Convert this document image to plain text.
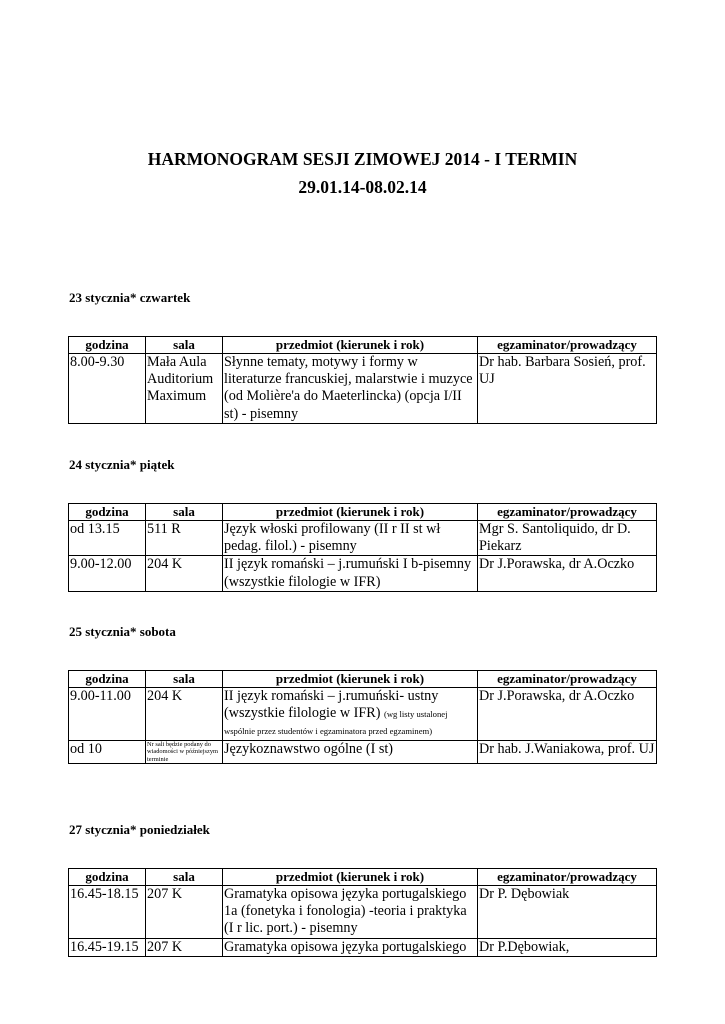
HARMONOGRAM SESJI ZIMOWEJ 2014 - I TERMIN
29.01.14-08.02.14
23 stycznia* czwartek
godzina	sala	przedmiot (kierunek i rok)	egzaminator/prowadzący
8.00-9.30	Mała Aula Auditorium Maximum	Słynne tematy, motywy i formy w literaturze francuskiej, malarstwie i muzyce (od Molière'a do Maeterlincka) (opcja I/II st) - pisemny	Dr hab. Barbara Sosień, prof. UJ
24 stycznia* piątek
godzina	sala	przedmiot (kierunek i rok)	egzaminator/prowadzący
od 13.15	511 R	Język włoski profilowany (II r II st wł pedag. filol.) - pisemny	Mgr S. Santoliquido, dr D. Piekarz
9.00-12.00	204 K	II język romański – j.rumuński I b-pisemny (wszystkie filologie w IFR)	Dr J.Porawska, dr A.Oczko
25 stycznia* sobota
godzina	sala	przedmiot (kierunek i rok)	egzaminator/prowadzący
9.00-11.00	204 K	II język romański – j.rumuński- ustny (wszystkie filologie w IFR) (wg listy ustalonej wspólnie przez studentów i egzaminatora przed egzaminem)	Dr J.Porawska, dr A.Oczko
od 10	Nr sali będzie podany do wiadomości w późniejszym terminie	Językoznawstwo ogólne (I st)	Dr hab. J.Waniakowa, prof. UJ
27 stycznia* poniedziałek
godzina	sala	przedmiot (kierunek i rok)	egzaminator/prowadzący
16.45-18.15	207 K	Gramatyka opisowa języka portugalskiego 1a (fonetyka i fonologia) -teoria i praktyka (I r lic. port.) - pisemny	Dr P. Dębowiak
16.45-19.15	207 K	Gramatyka opisowa języka portugalskiego	Dr P.Dębowiak,
